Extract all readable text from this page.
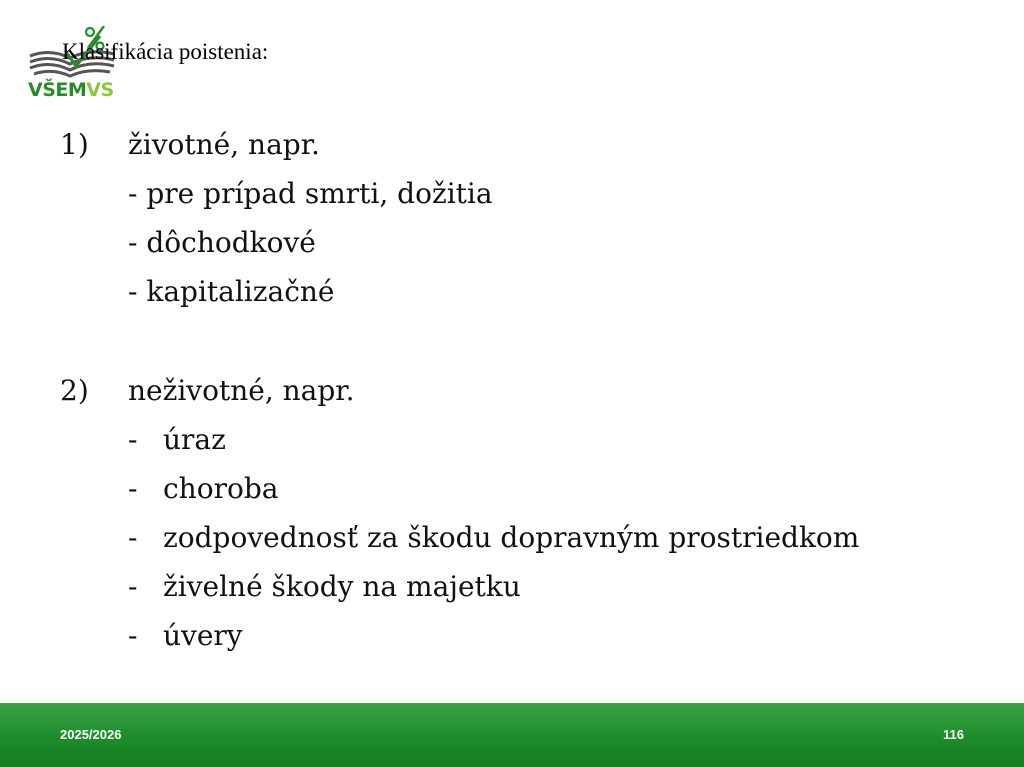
VŠEMVS
Klasifikácia poistenia:
1) životné, napr.
- pre prípad smrti, dožitia
- dôchodkové
- kapitalizačné
2) neživotné, napr.
- úraz
- choroba
- zodpovednosť za škodu dopravným prostriedkom
- živelné škody na majetku
- úvery
2025/2026	116
